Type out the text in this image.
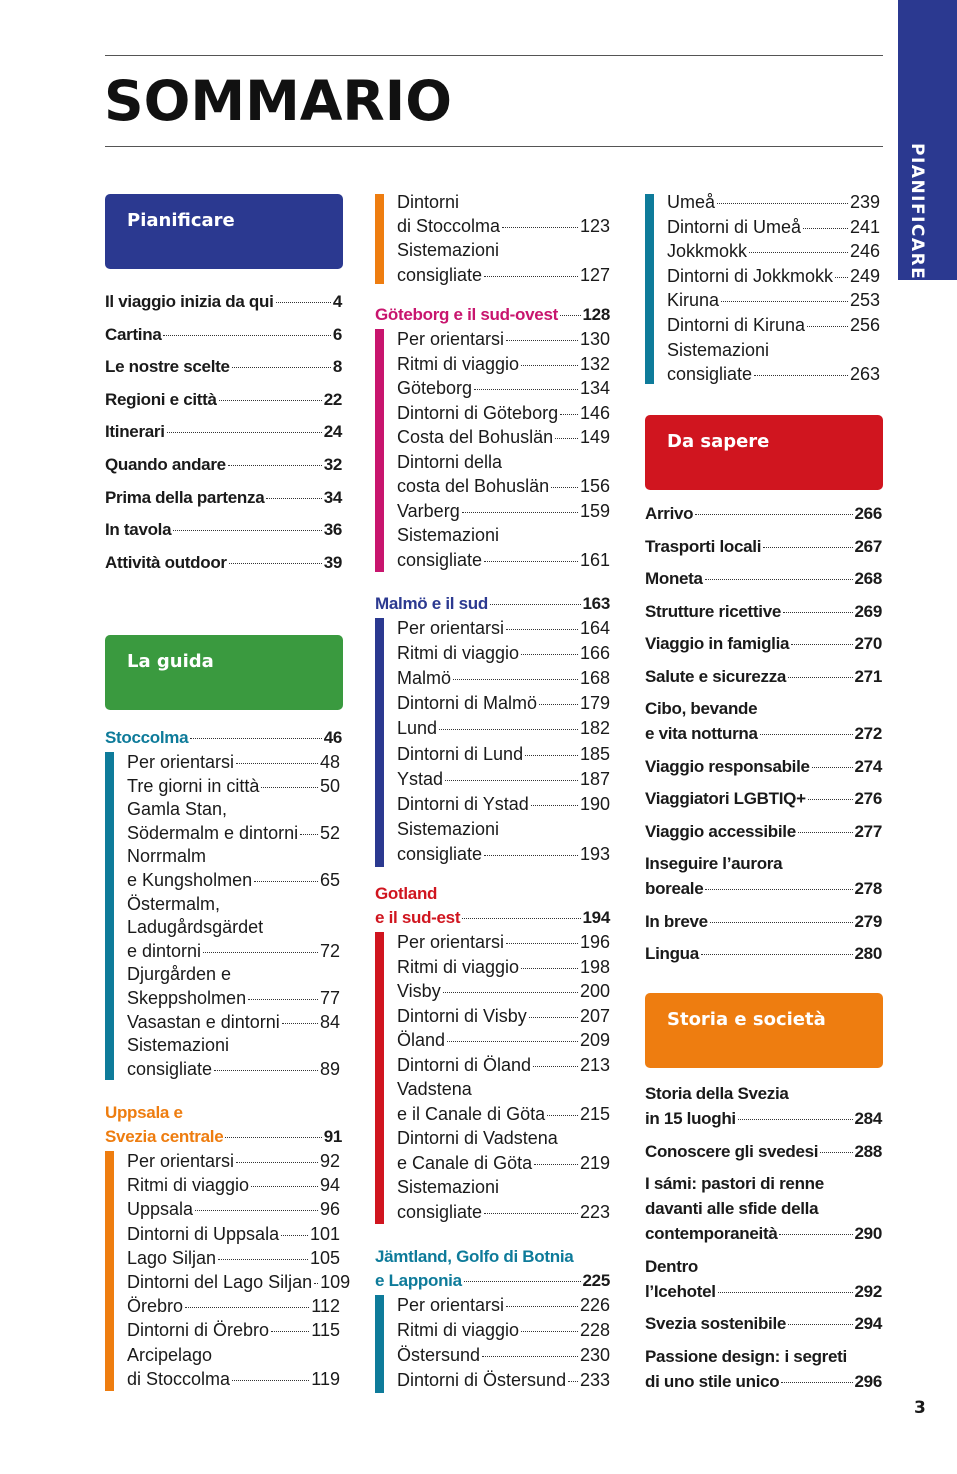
SOMMARIO
PIANIFICARE
3
Pianificare
Il viaggio inizia da qui	4
Cartina	6
Le nostre scelte	8
Regioni e città	22
Itinerari	24
Quando andare	32
Prima della partenza	34
In tavola	36
Attività outdoor	39
La guida
Stoccolma	46
Per orientarsi	48
Tre giorni in città	50
Gamla Stan,
Södermalm e dintorni 52
Norrmalm
e Kungsholmen	65
Östermalm,
Ladugårdsgärdet
e dintorni	72
Djurgården e
Skeppsholmen	77
Vasastan e dintorni 84
Sistemazioni
consigliate	89
Uppsala e
Svezia centrale	91
Per orientarsi	92
Ritmi di viaggio	94
Uppsala	96
Dintorni di Uppsala 101
Lago Siljan	105
Dintorni del Lago Siljan 109
Örebro	112
Dintorni di Örebro 115
Arcipelago
di Stoccolma	119
Dintorni
di Stoccolma	123
Sistemazioni
consigliate	127
Göteborg e il sud-ovest 128
Per orientarsi	130
Ritmi di viaggio	132
Göteborg	134
Dintorni di Göteborg 146
Costa del Bohuslän 149
Dintorni della
costa del Bohuslän 156
Varberg	159
Sistemazioni
consigliate	161
Malmö e il sud	163
Per orientarsi	164
Ritmi di viaggio	166
Malmö	168
Dintorni di Malmö 179
Lund	182
Dintorni di Lund	185
Ystad	187
Dintorni di Ystad	190
Sistemazioni
consigliate	193
Gotland
e il sud-est	194
Per orientarsi	196
Ritmi di viaggio	198
Visby	200
Dintorni di Visby	207
Öland	209
Dintorni di Öland	213
Vadstena
e il Canale di Göta 215
Dintorni di Vadstena
e Canale di Göta	219
Sistemazioni
consigliate	223
Jämtland, Golfo di Botnia
e Lapponia	225
Per orientarsi	226
Ritmi di viaggio	228
Östersund	230
Dintorni di Östersund 233
Umeå	239
Dintorni di Umeå	241
Jokkmokk	246
Dintorni di Jokkmokk 249
Kiruna	253
Dintorni di Kiruna 256
Sistemazioni
consigliate	263
Da sapere
Arrivo	266
Trasporti locali	267
Moneta	268
Strutture ricettive	269
Viaggio in famiglia	270
Salute e sicurezza	271
Cibo, bevande
e vita notturna	272
Viaggio responsabile	274
Viaggiatori LGBTIQ+	276
Viaggio accessibile	277
Inseguire l’aurora
boreale	278
In breve	279
Lingua	280
Storia e società
Storia della Svezia
in 15 luoghi	284
Conoscere gli svedesi 288
I sámi: pastori di renne
davanti alle sfide della
contemporaneità	290
Dentro
l’Icehotel	292
Svezia sostenibile	294
Passione design: i segreti
di uno stile unico	296
